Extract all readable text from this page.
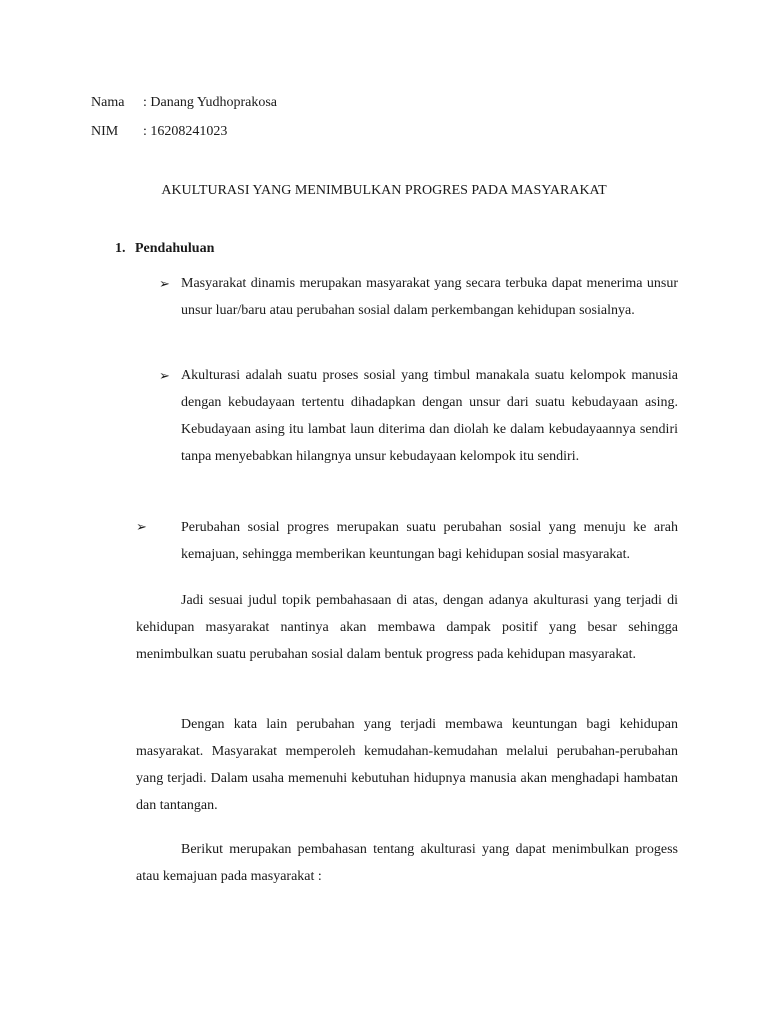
Nama : Danang Yudhoprakosa
NIM : 16208241023
AKULTURASI YANG MENIMBULKAN PROGRES PADA MASYARAKAT
1. Pendahuluan
➢ Masyarakat dinamis merupakan masyarakat yang secara terbuka dapat menerima unsur unsur luar/baru atau perubahan sosial dalam perkembangan kehidupan sosialnya.

➢ Akulturasi adalah suatu proses sosial yang timbul manakala suatu kelompok manusia dengan kebudayaan tertentu dihadapkan dengan unsur dari suatu kebudayaan asing. Kebudayaan asing itu lambat laun diterima dan diolah ke dalam kebudayaannya sendiri tanpa menyebabkan hilangnya unsur kebudayaan kelompok itu sendiri.

➢ Perubahan sosial progres merupakan suatu perubahan sosial yang menuju ke arah kemajuan, sehingga memberikan keuntungan bagi kehidupan sosial masyarakat.

Jadi sesuai judul topik pembahasaan di atas, dengan adanya akulturasi yang terjadi di kehidupan masyarakat nantinya akan membawa dampak positif yang besar sehingga menimbulkan suatu perubahan sosial dalam bentuk progress pada kehidupan masyarakat.

Dengan kata lain perubahan yang terjadi membawa keuntungan bagi kehidupan masyarakat. Masyarakat memperoleh kemudahan-kemudahan melalui perubahan-perubahan yang terjadi. Dalam usaha memenuhi kebutuhan hidupnya manusia akan menghadapi hambatan dan tantangan.

Berikut merupakan pembahasan tentang akulturasi yang dapat menimbulkan progess atau kemajuan pada masyarakat :
